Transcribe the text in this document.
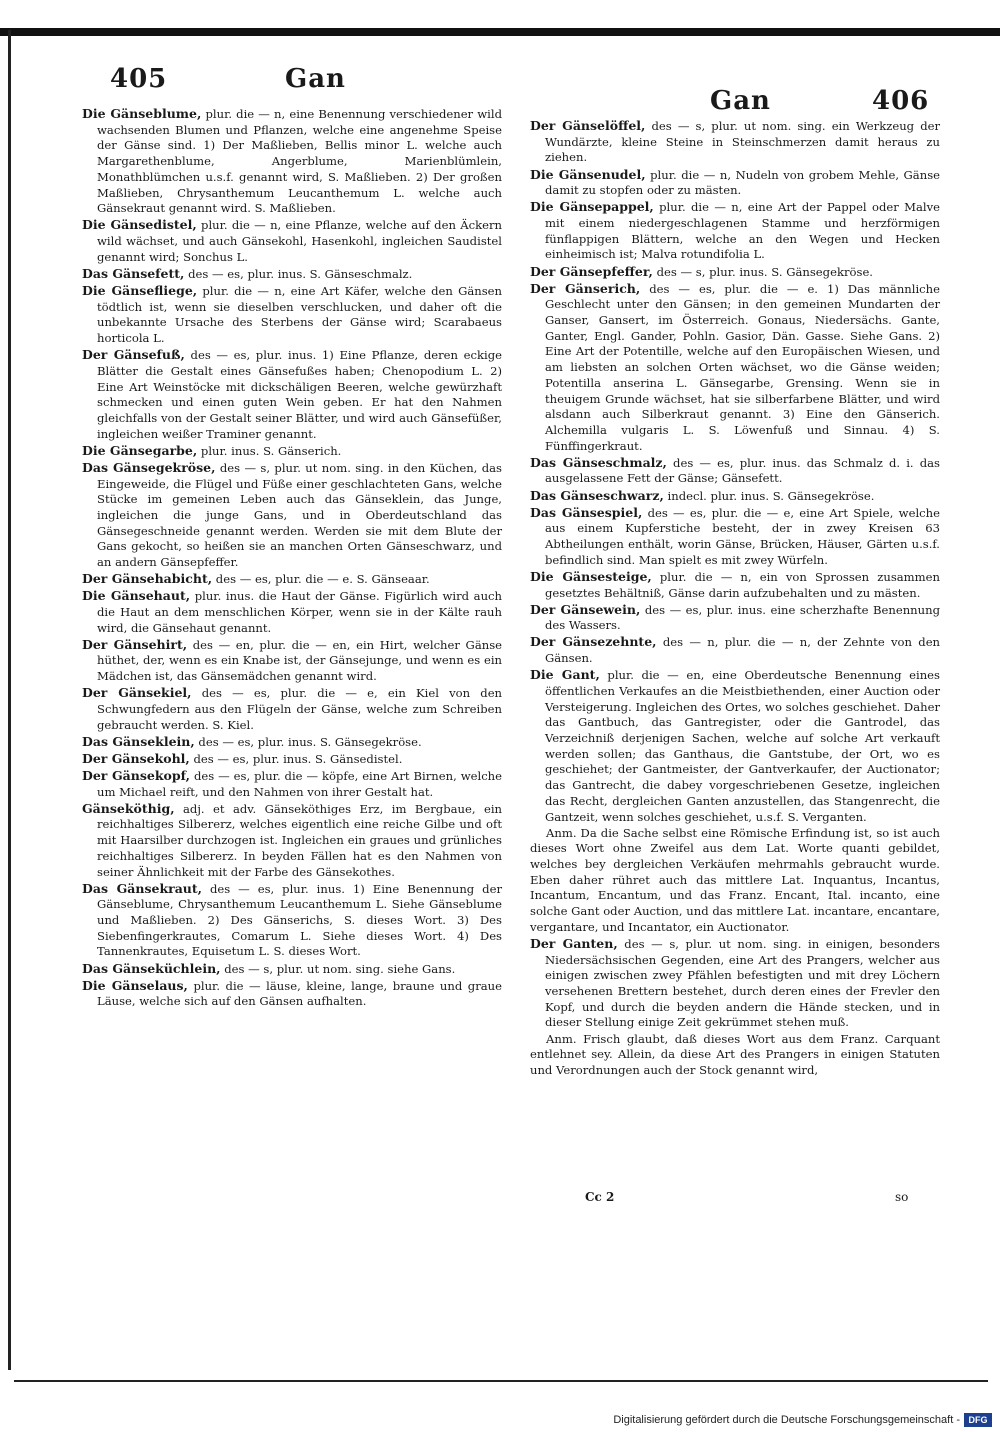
405	Gan
Gan	406

Die Gänseblume, plur. die — n, eine Benennung verschiedener wild wachsenden Blumen und Pflanzen, welche eine angenehme Speise der Gänse sind. 1) Der Maßlieben, Bellis minor L. welche auch Margarethenblume, Angerblume, Marienblümlein, Monathblümchen u.s.f. genannt wird, S. Maßlieben. 2) Der großen Maßlieben, Chrysanthemum Leucanthemum L. welche auch Gänsekraut genannt wird. S. Maßlieben.

Die Gänsedistel, plur. die — n, eine Pflanze, welche auf den Äckern wild wächset, und auch Gänsekohl, Hasenkohl, ingleichen Saudistel genannt wird; Sonchus L.

Das Gänsefett, des — es, plur. inus. S. Gänseschmalz.

Die Gänsefliege, plur. die — n, eine Art Käfer, welche den Gänsen tödtlich ist, wenn sie dieselben verschlucken, und daher oft die unbekannte Ursache des Sterbens der Gänse wird; Scarabaeus horticola L.

Der Gänsefuß, des — es, plur. inus. 1) Eine Pflanze, deren eckige Blätter die Gestalt eines Gänsefußes haben; Chenopodium L. 2) Eine Art Weinstöcke mit dickschäligen Beeren, welche gewürzhaft schmecken und einen guten Wein geben. Er hat den Nahmen gleichfalls von der Gestalt seiner Blätter, und wird auch Gänsefüßer, ingleichen weißer Traminer genannt.

Die Gänsegarbe, plur. inus. S. Gänserich.

Das Gänsegekröse, des — s, plur. ut nom. sing. in den Küchen, das Eingeweide, die Flügel und Füße einer geschlachteten Gans, welche Stücke im gemeinen Leben auch das Gänseklein, das Junge, ingleichen die junge Gans, und in Oberdeutschland das Gänsegeschneide genannt werden. Werden sie mit dem Blute der Gans gekocht, so heißen sie an manchen Orten Gänseschwarz, und an andern Gänsepfeffer.

Der Gänsehabicht, des — es, plur. die — e. S. Gänseaar.

Die Gänsehaut, plur. inus. die Haut der Gänse. Figürlich wird auch die Haut an dem menschlichen Körper, wenn sie in der Kälte rauh wird, die Gänsehaut genannt.

Der Gänsehirt, des — en, plur. die — en, ein Hirt, welcher Gänse hüthet, der, wenn es ein Knabe ist, der Gänsejunge, und wenn es ein Mädchen ist, das Gänsemädchen genannt wird.

Der Gänsekiel, des — es, plur. die — e, ein Kiel von den Schwungfedern aus den Flügeln der Gänse, welche zum Schreiben gebraucht werden. S. Kiel.

Das Gänseklein, des — es, plur. inus. S. Gänsegekröse.

Der Gänsekohl, des — es, plur. inus. S. Gänsedistel.

Der Gänsekopf, des — es, plur. die — köpfe, eine Art Birnen, welche um Michael reift, und den Nahmen von ihrer Gestalt hat.

Gänseköthig, adj. et adv. Gänseköthiges Erz, im Bergbaue, ein reichhaltiges Silbererz, welches eigentlich eine reiche Gilbe und oft mit Haarsilber durchzogen ist. Ingleichen ein graues und grünliches reichhaltiges Silbererz. In beyden Fällen hat es den Nahmen von seiner Ähnlichkeit mit der Farbe des Gänsekothes.

Das Gänsekraut, des — es, plur. inus. 1) Eine Benennung der Gänseblume, Chrysanthemum Leucanthemum L. Siehe Gänseblume und Maßlieben. 2) Des Gänserichs, S. dieses Wort. 3) Des Siebenfingerkrautes, Comarum L. Siehe dieses Wort. 4) Des Tannenkrautes, Equisetum L. S. dieses Wort.

Das Gänseküchlein, des — s, plur. ut nom. sing. siehe Gans.

Die Gänselaus, plur. die — läuse, kleine, lange, braune und graue Läuse, welche sich auf den Gänsen aufhalten.

Der Gänselöffel, des — s, plur. ut nom. sing. ein Werkzeug der Wundärzte, kleine Steine in Steinschmerzen damit heraus zu ziehen.

Die Gänsenudel, plur. die — n, Nudeln von grobem Mehle, Gänse damit zu stopfen oder zu mästen.

Die Gänsepappel, plur. die — n, eine Art der Pappel oder Malve mit einem niedergeschlagenen Stamme und herzförmigen fünflappigen Blättern, welche an den Wegen und Hecken einheimisch ist; Malva rotundifolia L.

Der Gänsepfeffer, des — s, plur. inus. S. Gänsegekröse.

Der Gänserich, des — es, plur. die — e. 1) Das männliche Geschlecht unter den Gänsen; in den gemeinen Mundarten der Ganser, Gansert, im Österreich. Gonaus, Niedersächs. Gante, Ganter, Engl. Gander, Pohln. Gasior, Dän. Gasse. Siehe Gans. 2) Eine Art der Potentille, welche auf den Europäischen Wiesen, und am liebsten an solchen Orten wächset, wo die Gänse weiden; Potentilla anserina L. Gänsegarbe, Grensing. Wenn sie in theuigem Grunde wächset, hat sie silberfarbene Blätter, und wird alsdann auch Silberkraut genannt. 3) Eine den Gänserich. Alchemilla vulgaris L. S. Löwenfuß und Sinnau. 4) S. Fünffingerkraut.

Das Gänseschmalz, des — es, plur. inus. das Schmalz d. i. das ausgelassene Fett der Gänse; Gänsefett.

Das Gänseschwarz, indecl. plur. inus. S. Gänsegekröse.

Das Gänsespiel, des — es, plur. die — e, eine Art Spiele, welche aus einem Kupferstiche besteht, der in zwey Kreisen 63 Abtheilungen enthält, worin Gänse, Brücken, Häuser, Gärten u.s.f. befindlich sind. Man spielt es mit zwey Würfeln.

Die Gänsesteige, plur. die — n, ein von Sprossen zusammen gesetztes Behältniß, Gänse darin aufzubehalten und zu mästen.

Der Gänsewein, des — es, plur. inus. eine scherzhafte Benennung des Wassers.

Der Gänsezehnte, des — n, plur. die — n, der Zehnte von den Gänsen.

Die Gant, plur. die — en, eine Oberdeutsche Benennung eines öffentlichen Verkaufes an die Meistbiethenden, einer Auction oder Versteigerung. Ingleichen des Ortes, wo solches geschiehet. Daher das Gantbuch, das Gantregister, oder die Gantrodel, das Verzeichniß derjenigen Sachen, welche auf solche Art verkauft werden sollen; das Ganthaus, die Gantstube, der Ort, wo es geschiehet; der Gantmeister, der Gantverkaufer, der Auctionator; das Gantrecht, die dabey vorgeschriebenen Gesetze, ingleichen das Recht, dergleichen Ganten anzustellen, das Stangenrecht, die Gantzeit, wenn solches geschiehet, u.s.f. S. Verganten.

Anm. Da die Sache selbst eine Römische Erfindung ist, so ist auch dieses Wort ohne Zweifel aus dem Lat. Worte quanti gebildet, welches bey dergleichen Verkäufen mehrmahls gebraucht wurde. Eben daher rühret auch das mittlere Lat. Inquantus, Incantus, Incantum, Encantum, und das Franz. Encant, Ital. incanto, eine solche Gant oder Auction, und das mittlere Lat. incantare, encantare, vergantare, und Incantator, ein Auctionator.

Der Ganten, des — s, plur. ut nom. sing. in einigen, besonders Niedersächsischen Gegenden, eine Art des Prangers, welcher aus einigen zwischen zwey Pfählen befestigten und mit drey Löchern versehenen Brettern bestehet, durch deren eines der Frevler den Kopf, und durch die beyden andern die Hände stecken, und in dieser Stellung einige Zeit gekrümmet stehen muß.

Anm. Frisch glaubt, daß dieses Wort aus dem Franz. Carquant entlehnet sey. Allein, da diese Art des Prangers in einigen Statuten und Verordnungen auch der Stock genannt wird,

Cc 2	so
Digitalisierung gefördert durch die Deutsche Forschungsgemeinschaft - DFG
